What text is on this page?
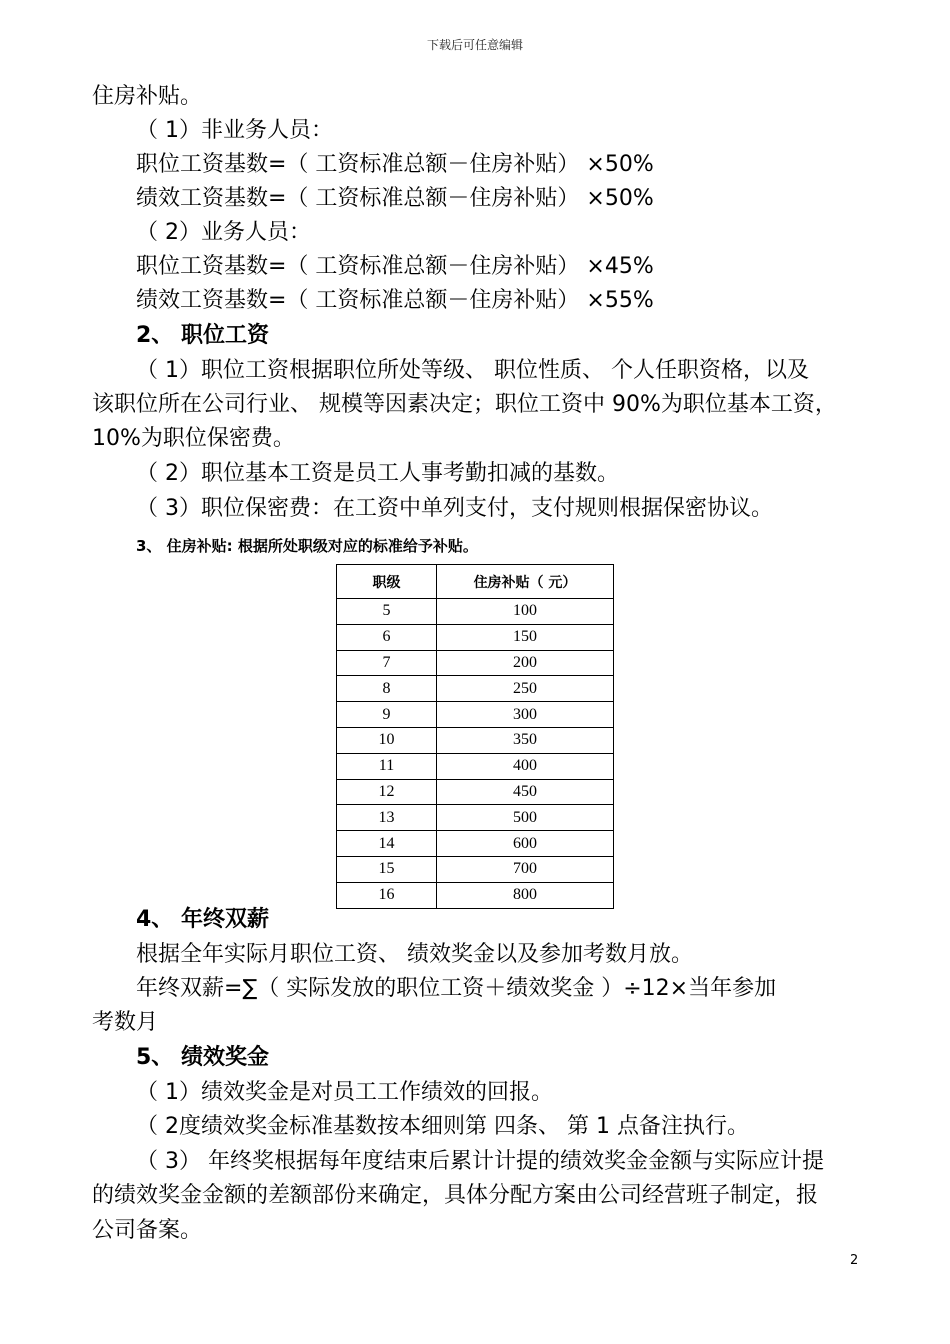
下载后可任意编辑
住房补贴。
（ 1）非业务人员：
职位工资基数=（ 工资标准总额－住房补贴） ×50%
绩效工资基数=（ 工资标准总额－住房补贴） ×50%
（ 2）业务人员：
职位工资基数=（ 工资标准总额－住房补贴） ×45%
绩效工资基数=（ 工资标准总额－住房补贴） ×55%
2、 职位工资
（ 1）职位工资根据职位所处等级、 职位性质、 个人任职资格，以及
该职位所在公司行业、 规模等因素决定；职位工资中 90%为职位基本工资，
10%为职位保密费。
（ 2）职位基本工资是员工人事考勤扣减的基数。
（ 3）职位保密费：在工资中单列支付，支付规则根据保密协议。
3、 住房补贴: 根据所处职级对应的标准给予补贴。
职级	住房补贴（ 元）
5	100
6	150
7	200
8	250
9	300
10	350
11	400
12	450
13	500
14	600
15	700
16	800
4、 年终双薪
根据全年实际月职位工资、 绩效奖金以及参加考数月放。
年终双薪=∑（ 实际发放的职位工资＋绩效奖金 ）÷12×当年参加
考数月
5、 绩效奖金
（ 1）绩效奖金是对员工工作绩效的回报。
（ 2度绩效奖金标准基数按本细则第 四条、 第 1 点备注执行。
（ 3） 年终奖根据每年度结束后累计计提的绩效奖金金额与实际应计提
的绩效奖金金额的差额部份来确定，具体分配方案由公司经营班子制定，报
公司备案。
2
